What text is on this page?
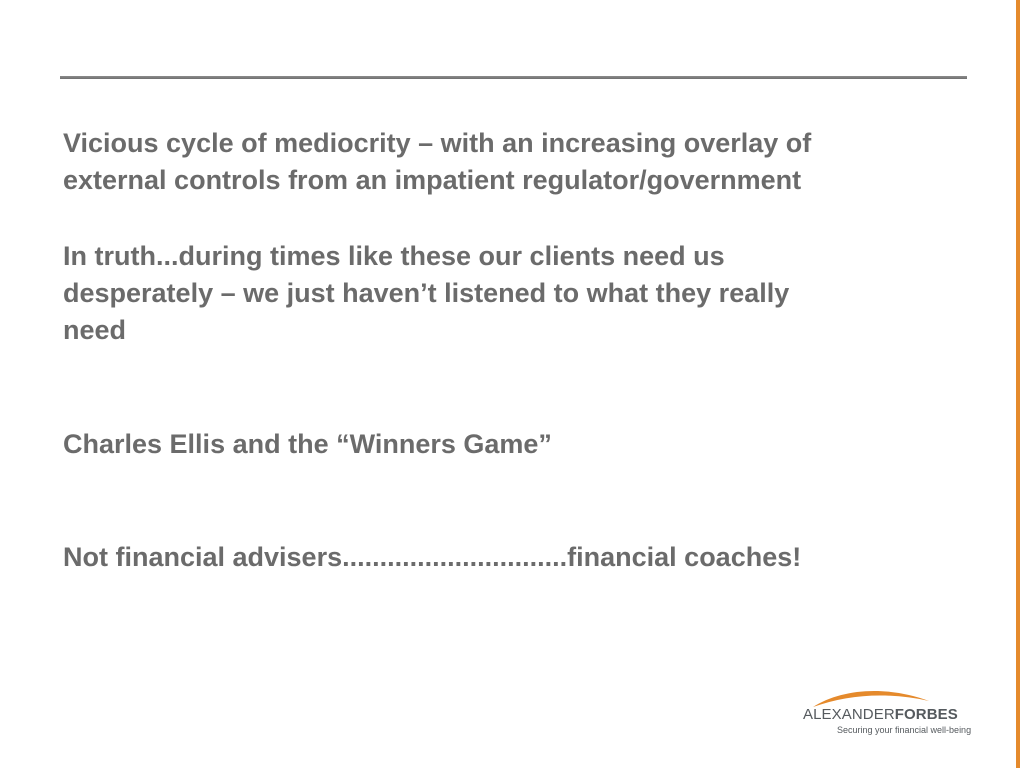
Vicious cycle of mediocrity – with an increasing overlay of
external controls from an impatient regulator/government

In truth...during times like these our clients need us
desperately – we just haven’t listened to what they really
need

Charles Ellis and the “Winners Game”

Not financial advisers..............................financial coaches!

ALEXANDERFORBES
Securing your financial well-being
